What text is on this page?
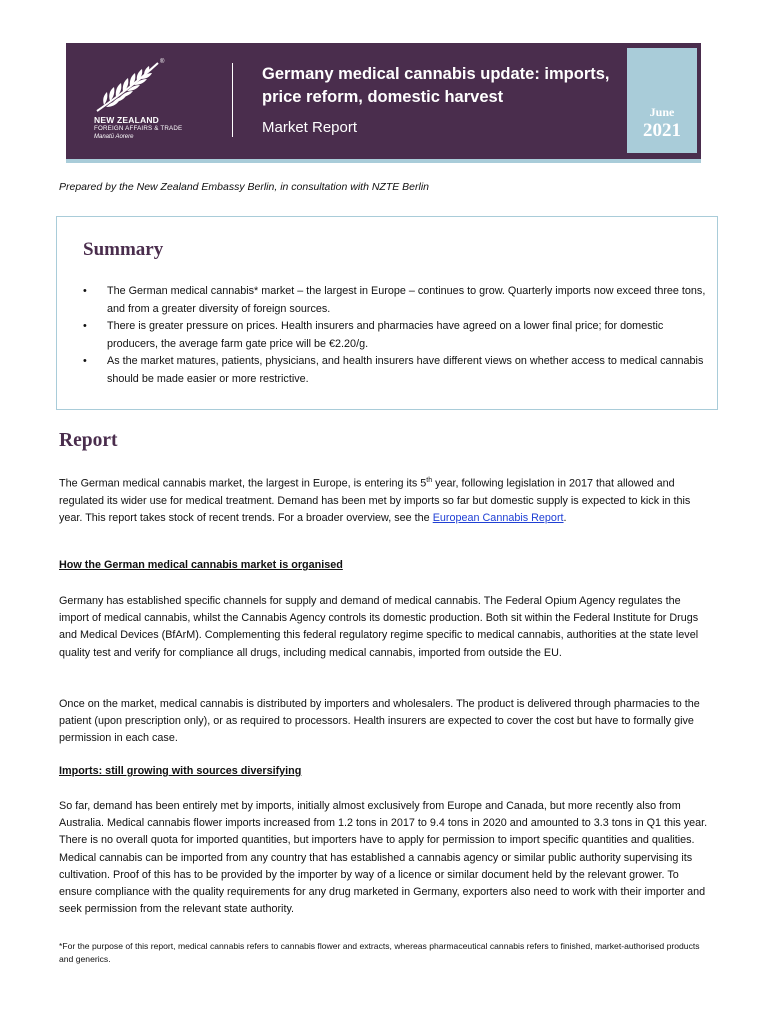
®
NEW ZEALAND
FOREIGN AFFAIRS & TRADE
Manatū Aorere
Germany medical cannabis update: imports, price reform, domestic harvest
Market Report
June
2021
Prepared by the New Zealand Embassy Berlin, in consultation with NZTE Berlin
Summary
• The German medical cannabis* market – the largest in Europe – continues to grow. Quarterly imports now exceed three tons, and from a greater diversity of foreign sources.
• There is greater pressure on prices. Health insurers and pharmacies have agreed on a lower final price; for domestic producers, the average farm gate price will be €2.20/g.
• As the market matures, patients, physicians, and health insurers have different views on whether access to medical cannabis should be made easier or more restrictive.
Report

The German medical cannabis market, the largest in Europe, is entering its 5th year, following legislation in 2017 that allowed and regulated its wider use for medical treatment. Demand has been met by imports so far but domestic supply is expected to kick in this year. This report takes stock of recent trends. For a broader overview, see the European Cannabis Report.

How the German medical cannabis market is organised

Germany has established specific channels for supply and demand of medical cannabis. The Federal Opium Agency regulates the import of medical cannabis, whilst the Cannabis Agency controls its domestic production. Both sit within the Federal Institute for Drugs and Medical Devices (BfArM). Complementing this federal regulatory regime specific to medical cannabis, authorities at the state level quality test and verify for compliance all drugs, including medical cannabis, imported from outside the EU.

Once on the market, medical cannabis is distributed by importers and wholesalers. The product is delivered through pharmacies to the patient (upon prescription only), or as required to processors. Health insurers are expected to cover the cost but have to formally give permission in each case.

Imports: still growing with sources diversifying

So far, demand has been entirely met by imports, initially almost exclusively from Europe and Canada, but more recently also from Australia. Medical cannabis flower imports increased from 1.2 tons in 2017 to 9.4 tons in 2020 and amounted to 3.3 tons in Q1 this year. There is no overall quota for imported quantities, but importers have to apply for permission to import specific quantities and qualities. Medical cannabis can be imported from any country that has established a cannabis agency or similar public authority supervising its cultivation. Proof of this has to be provided by the importer by way of a licence or similar document held by the relevant grower. To ensure compliance with the quality requirements for any drug marketed in Germany, exporters also need to work with their importer and seek permission from the relevant state authority.

*For the purpose of this report, medical cannabis refers to cannabis flower and extracts, whereas pharmaceutical cannabis refers to finished, market-authorised products and generics.
